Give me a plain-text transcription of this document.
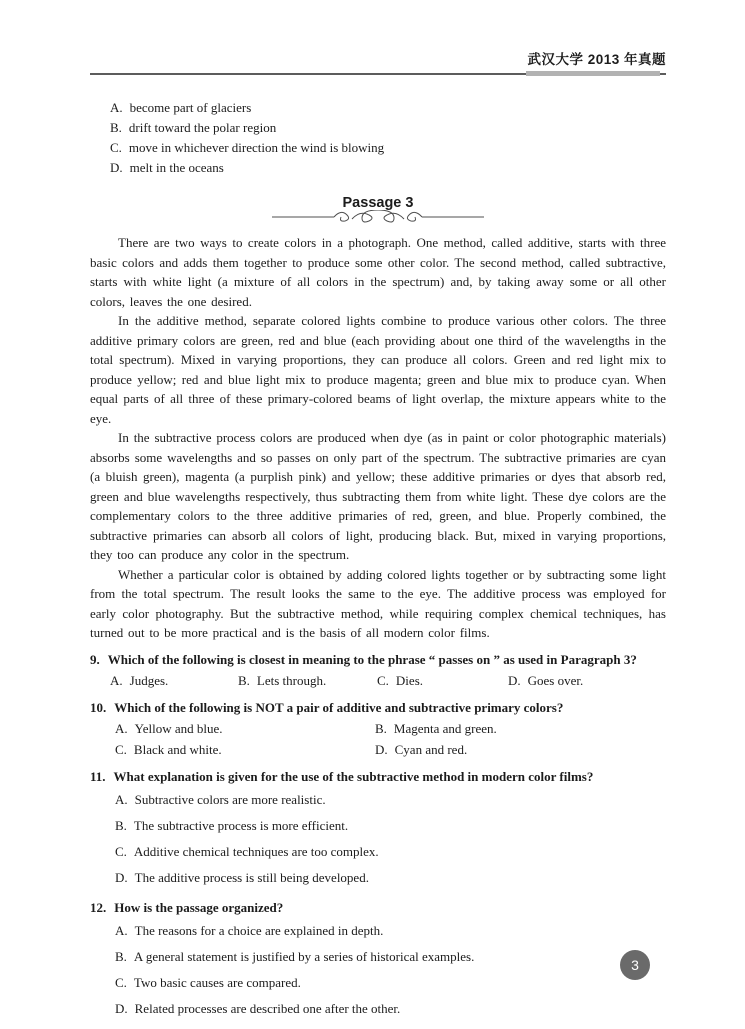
武汉大学 2013 年真题
A. become part of glaciers
B. drift toward the polar region
C. move in whichever direction the wind is blowing
D. melt in the oceans
Passage 3

There are two ways to create colors in a photograph. One method, called additive, starts with three basic colors and adds them together to produce some other color. The second method, called subtractive, starts with white light (a mixture of all colors in the spectrum) and, by taking away some or all other colors, leaves the one desired.

In the additive method, separate colored lights combine to produce various other colors. The three additive primary colors are green, red and blue (each providing about one third of the wavelengths in the total spectrum). Mixed in varying proportions, they can produce all colors. Green and red light mix to produce yellow; red and blue light mix to produce magenta; green and blue mix to produce cyan. When equal parts of all three of these primary-colored beams of light overlap, the mixture appears white to the eye.

In the subtractive process colors are produced when dye (as in paint or color photographic materials) absorbs some wavelengths and so passes on only part of the spectrum. The subtractive primaries are cyan (a bluish green), magenta (a purplish pink) and yellow; these additive primaries or dyes that absorb red, green and blue wavelengths respectively, thus subtracting them from white light. These dye colors are the complementary colors to the three additive primaries of red, green, and blue. Properly combined, the subtractive primaries can absorb all colors of light, producing black. But, mixed in varying proportions, they too can produce any color in the spectrum.

Whether a particular color is obtained by adding colored lights together or by subtracting some light from the total spectrum. The result looks the same to the eye. The additive process was employed for early color photography. But the subtractive method, while requiring complex chemical techniques, has turned out to be more practical and is the basis of all modern color films.

9. Which of the following is closest in meaning to the phrase “ passes on ” as used in Paragraph 3?
A. Judges.	B. Lets through.	C. Dies.	D. Goes over.
10. Which of the following is NOT a pair of additive and subtractive primary colors?
A. Yellow and blue.	B. Magenta and green.
C. Black and white.	D. Cyan and red.
11. What explanation is given for the use of the subtractive method in modern color films?
A. Subtractive colors are more realistic.
B. The subtractive process is more efficient.
C. Additive chemical techniques are too complex.
D. The additive process is still being developed.
12. How is the passage organized?
A. The reasons for a choice are explained in depth.
B. A general statement is justified by a series of historical examples.
C. Two basic causes are compared.
D. Related processes are described one after the other.
3
